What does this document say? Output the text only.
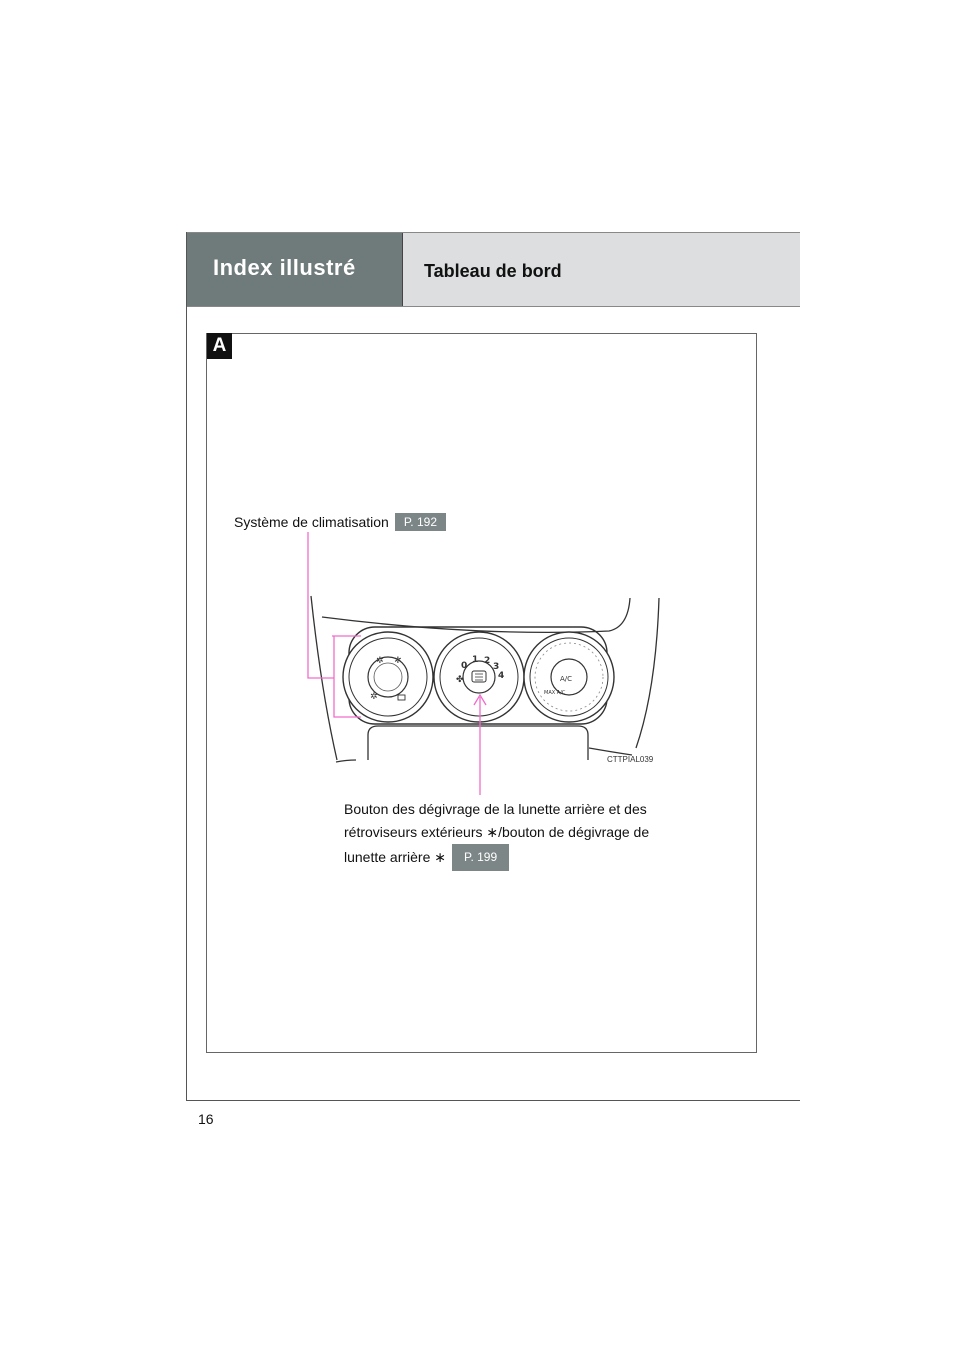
Index illustré	Tableau de bord
A
✲ ✲
✲
0
1 2
3
4
✤	A/C
MAX A/C
CTTPIAL039
Système de climatisation P. 192
Bouton des dégivrage de la lunette arrière et des
rétroviseurs extérieurs ∗/bouton de dégivrage de
lunette arrière ∗ P. 199
16
